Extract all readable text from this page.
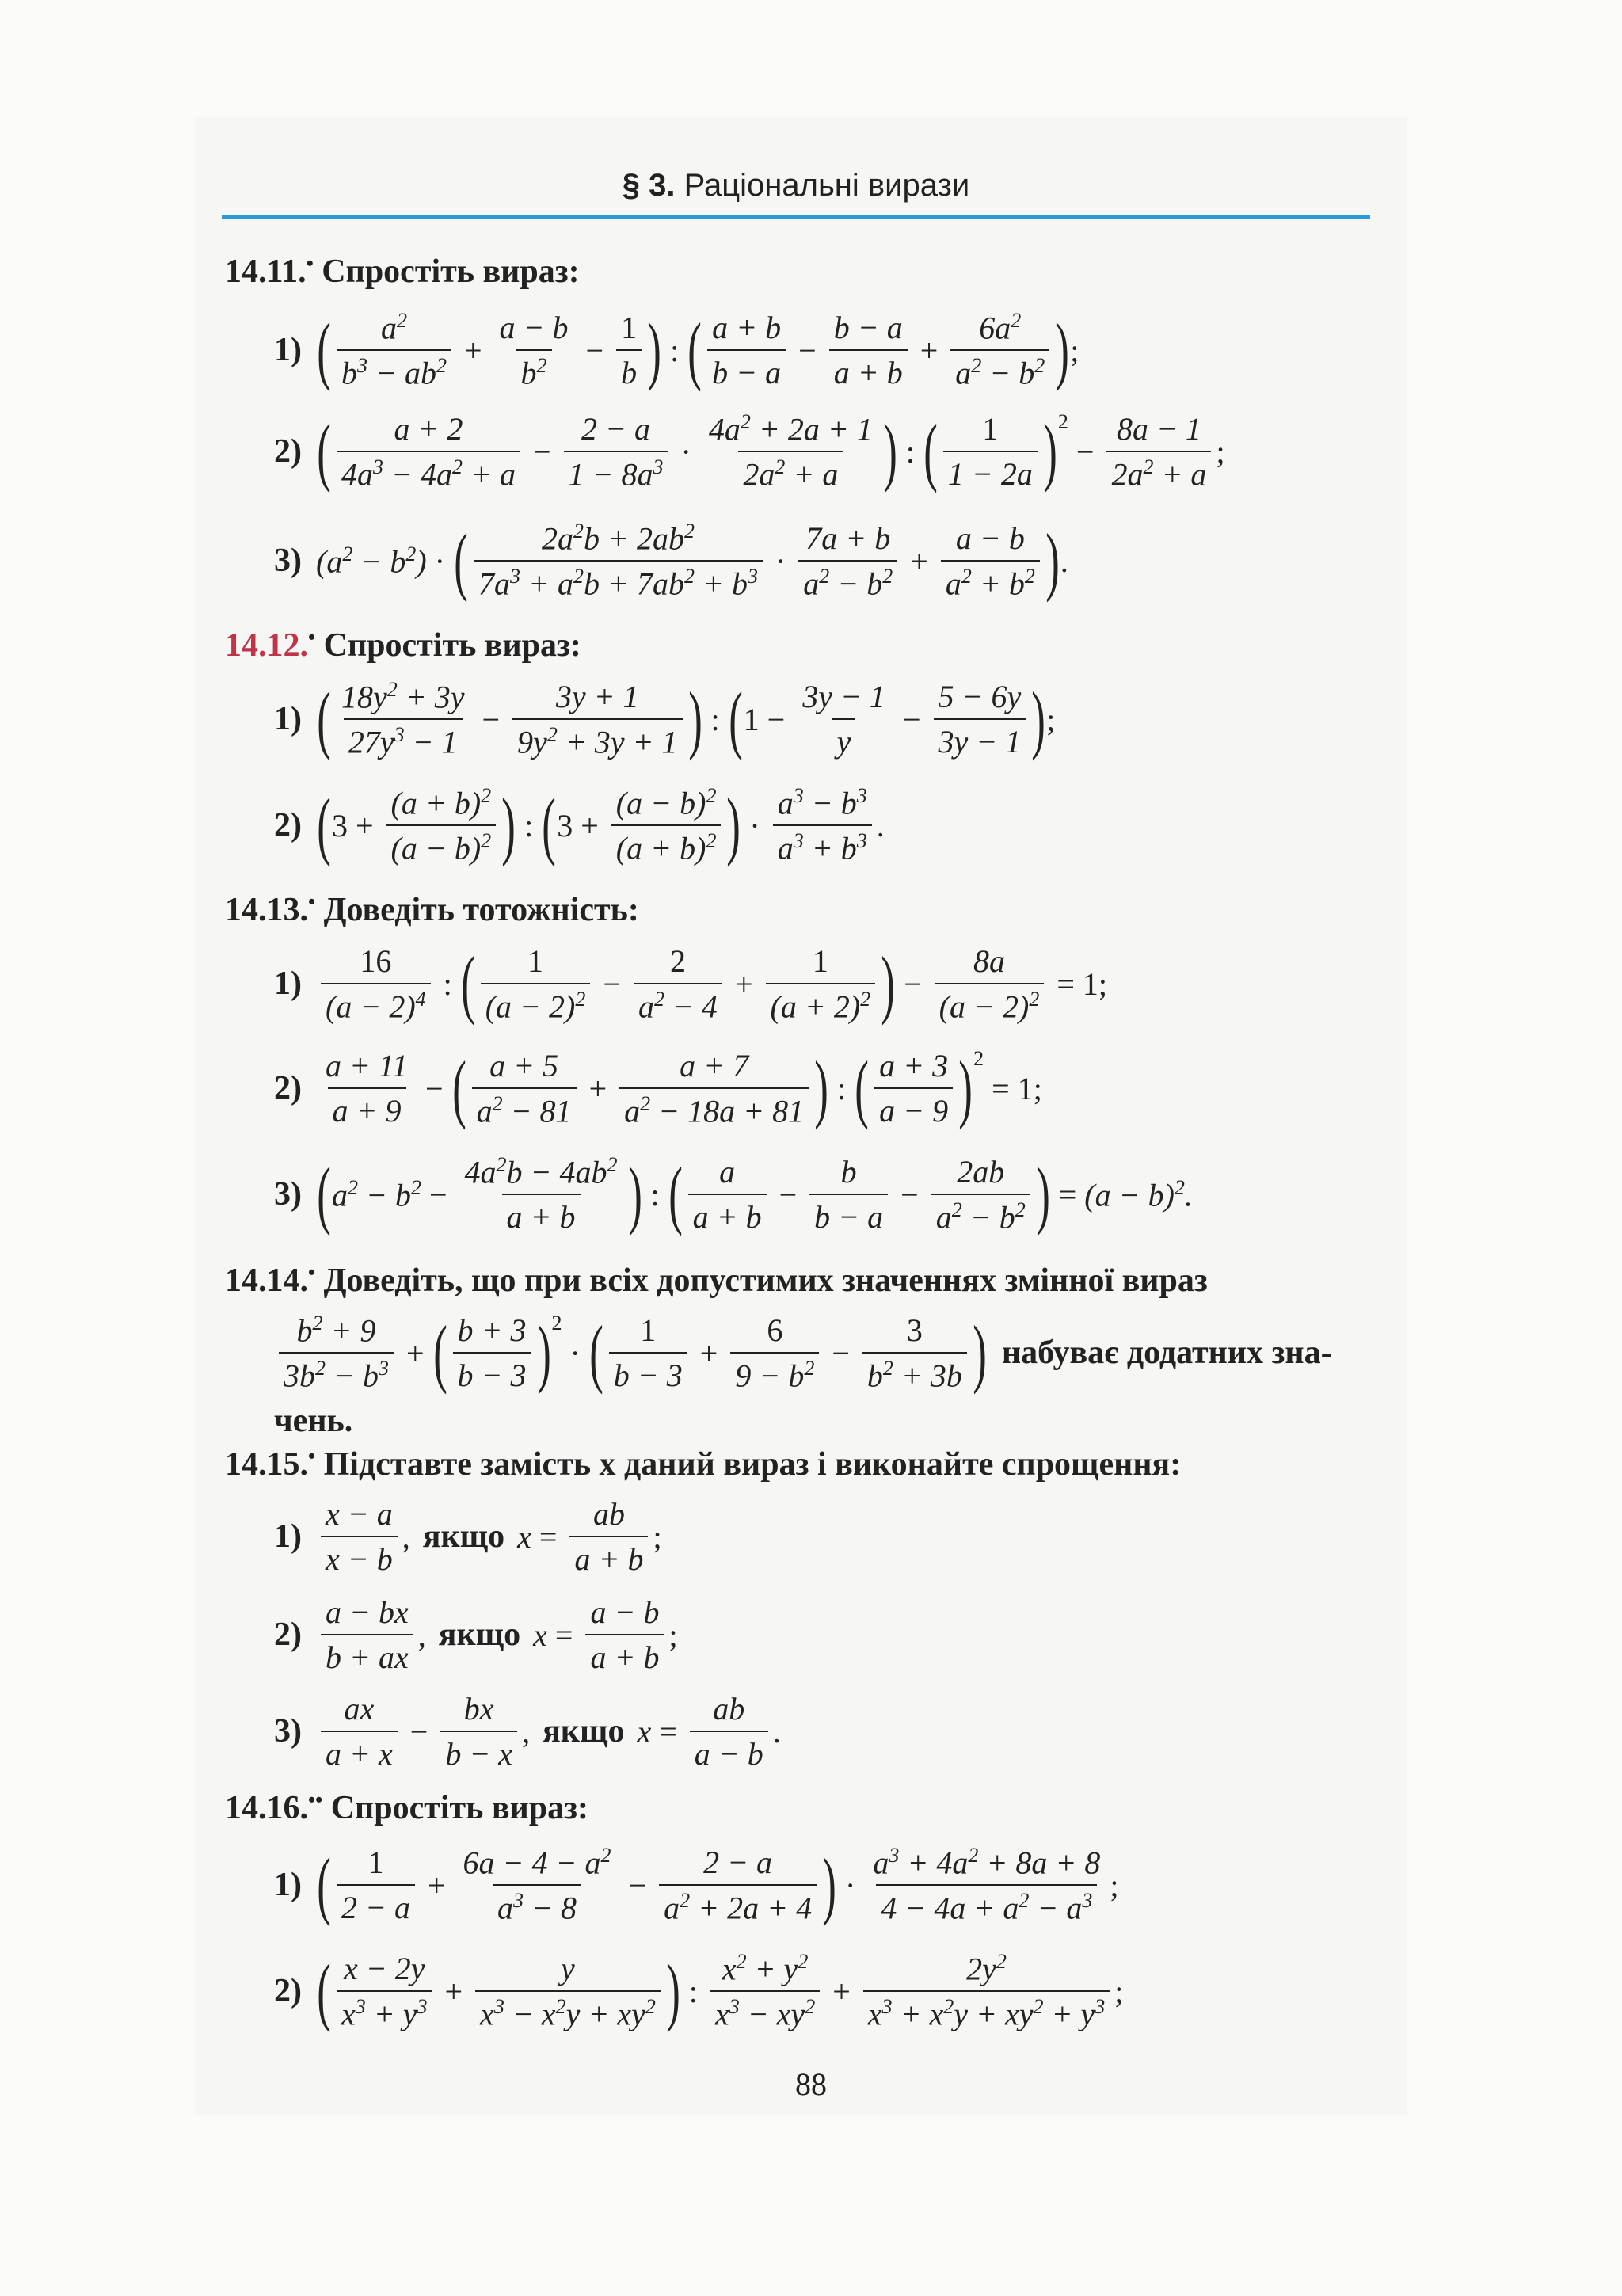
§ 3. Раціональні вирази
14.11.• Спростіть вираз:
1) ( $\frac{a^2}{b^3 - ab^2} + \frac{a - b}{b^2} - \frac{1}{b}$ ) : ( $\frac{a + b}{b - a} - \frac{b - a}{a + b} + \frac{6a^2}{a^2 - b^2}$ ) ;
2) ( $\frac{a + 2}{4a^3 - 4a^2 + a} - \frac{2 - a}{1 - 8a^3} \cdot \frac{4a^2 + 2a + 1}{2a^2 + a}$ ) : ( $\frac{1}{1 - 2a} )^2$
− $\frac{8a - 1}{2a^2 + a}$ ;
3) $(a^2 - b^2)$ · ( $\frac{2a^2b + 2ab^2}{7a^3 + a^2b + 7ab^2 + b^3} \cdot \frac{7a + b}{a^2 - b^2} + \frac{a - b}{a^2 + b^2}$ ) .
14.12.• Спростіть вираз:
1) ( $\frac{18y^2 + 3y}{27y^3 - 1} - \frac{3y + 1}{9y^2 + 3y + 1}$ ) : ( $1 - \frac{3y - 1}{y} - \frac{5 - 6y}{3y - 1}$ ) ;
2) ( $3 + \frac{(a + b)^2}{(a - b)^2}$ ) : ( $3 + \frac{(a - b)^2}{(a + b)^2}$ ) · $\frac{a^3 - b^3}{a^3 + b^3}$ .
14.13.• Доведіть тотожність:
$1) \frac{16}{(a - 2)^4}$ : ( $\frac{1}{(a - 2)^2} - \frac{2}{a^2 - 4} + \frac{1}{(a + 2)^2}$ ) − $\frac{8a}{(a - 2)^2} = 1$;
$2) \frac{a + 11}{a + 9}$ − ( $\frac{a + 5}{a^2 - 81} + \frac{a + 7}{a^2 - 18a + 81}$ ) : ( $\frac{a + 3}{a - 9} )^2$
= 1;
3) ( $a^2 - b^2 - \frac{4a^2b - 4ab^2}{a + b}$ ) : ( $\frac{a}{a + b} - \frac{b}{b - a} - \frac{2ab}{a^2 - b^2}$ ) = $(a - b)^2$.
14.14.• Доведіть, що при всіх допустимих значеннях змінної вираз
$\frac{b^2 + 9}{3b^2 - b^3}$ + ( $\frac{b + 3}{b - 3} )^2$
· ( $\frac{1}{b - 3} + \frac{6}{9 - b^2} - \frac{3}{b^2 + 3b}$ ) набуває додатних зна-
чень.
14.15.• Підставте замість x даний вираз і виконайте спрощення:
$1) \frac{x - a}{x - b}$ , якщо $x = \frac{ab}{a + b}$ ;
$2) \frac{a - bx}{b + ax}$ , якщо $x = \frac{a - b}{a + b}$ ;
$3) \frac{ax}{a + x} - \frac{bx}{b - x}$ , якщо $x = \frac{ab}{a - b}$ .
14.16.•• Спростіть вираз:
1) ( $\frac{1}{2 - a} + \frac{6a - 4 - a^2}{a^3 - 8} - \frac{2 - a}{a^2 + 2a + 4}$ ) · $\frac{a^3 + 4a^2 + 8a + 8}{4 - 4a + a^2 - a^3}$ ;
2) ( $\frac{x - 2y}{x^3 + y^3} + \frac{y}{x^3 - x^2y + xy^2}$ ) : $\frac{x^2 + y^2}{x^3 - xy^2} + \frac{2y^2}{x^3 + x^2y + xy^2 + y^3}$ ;
88
